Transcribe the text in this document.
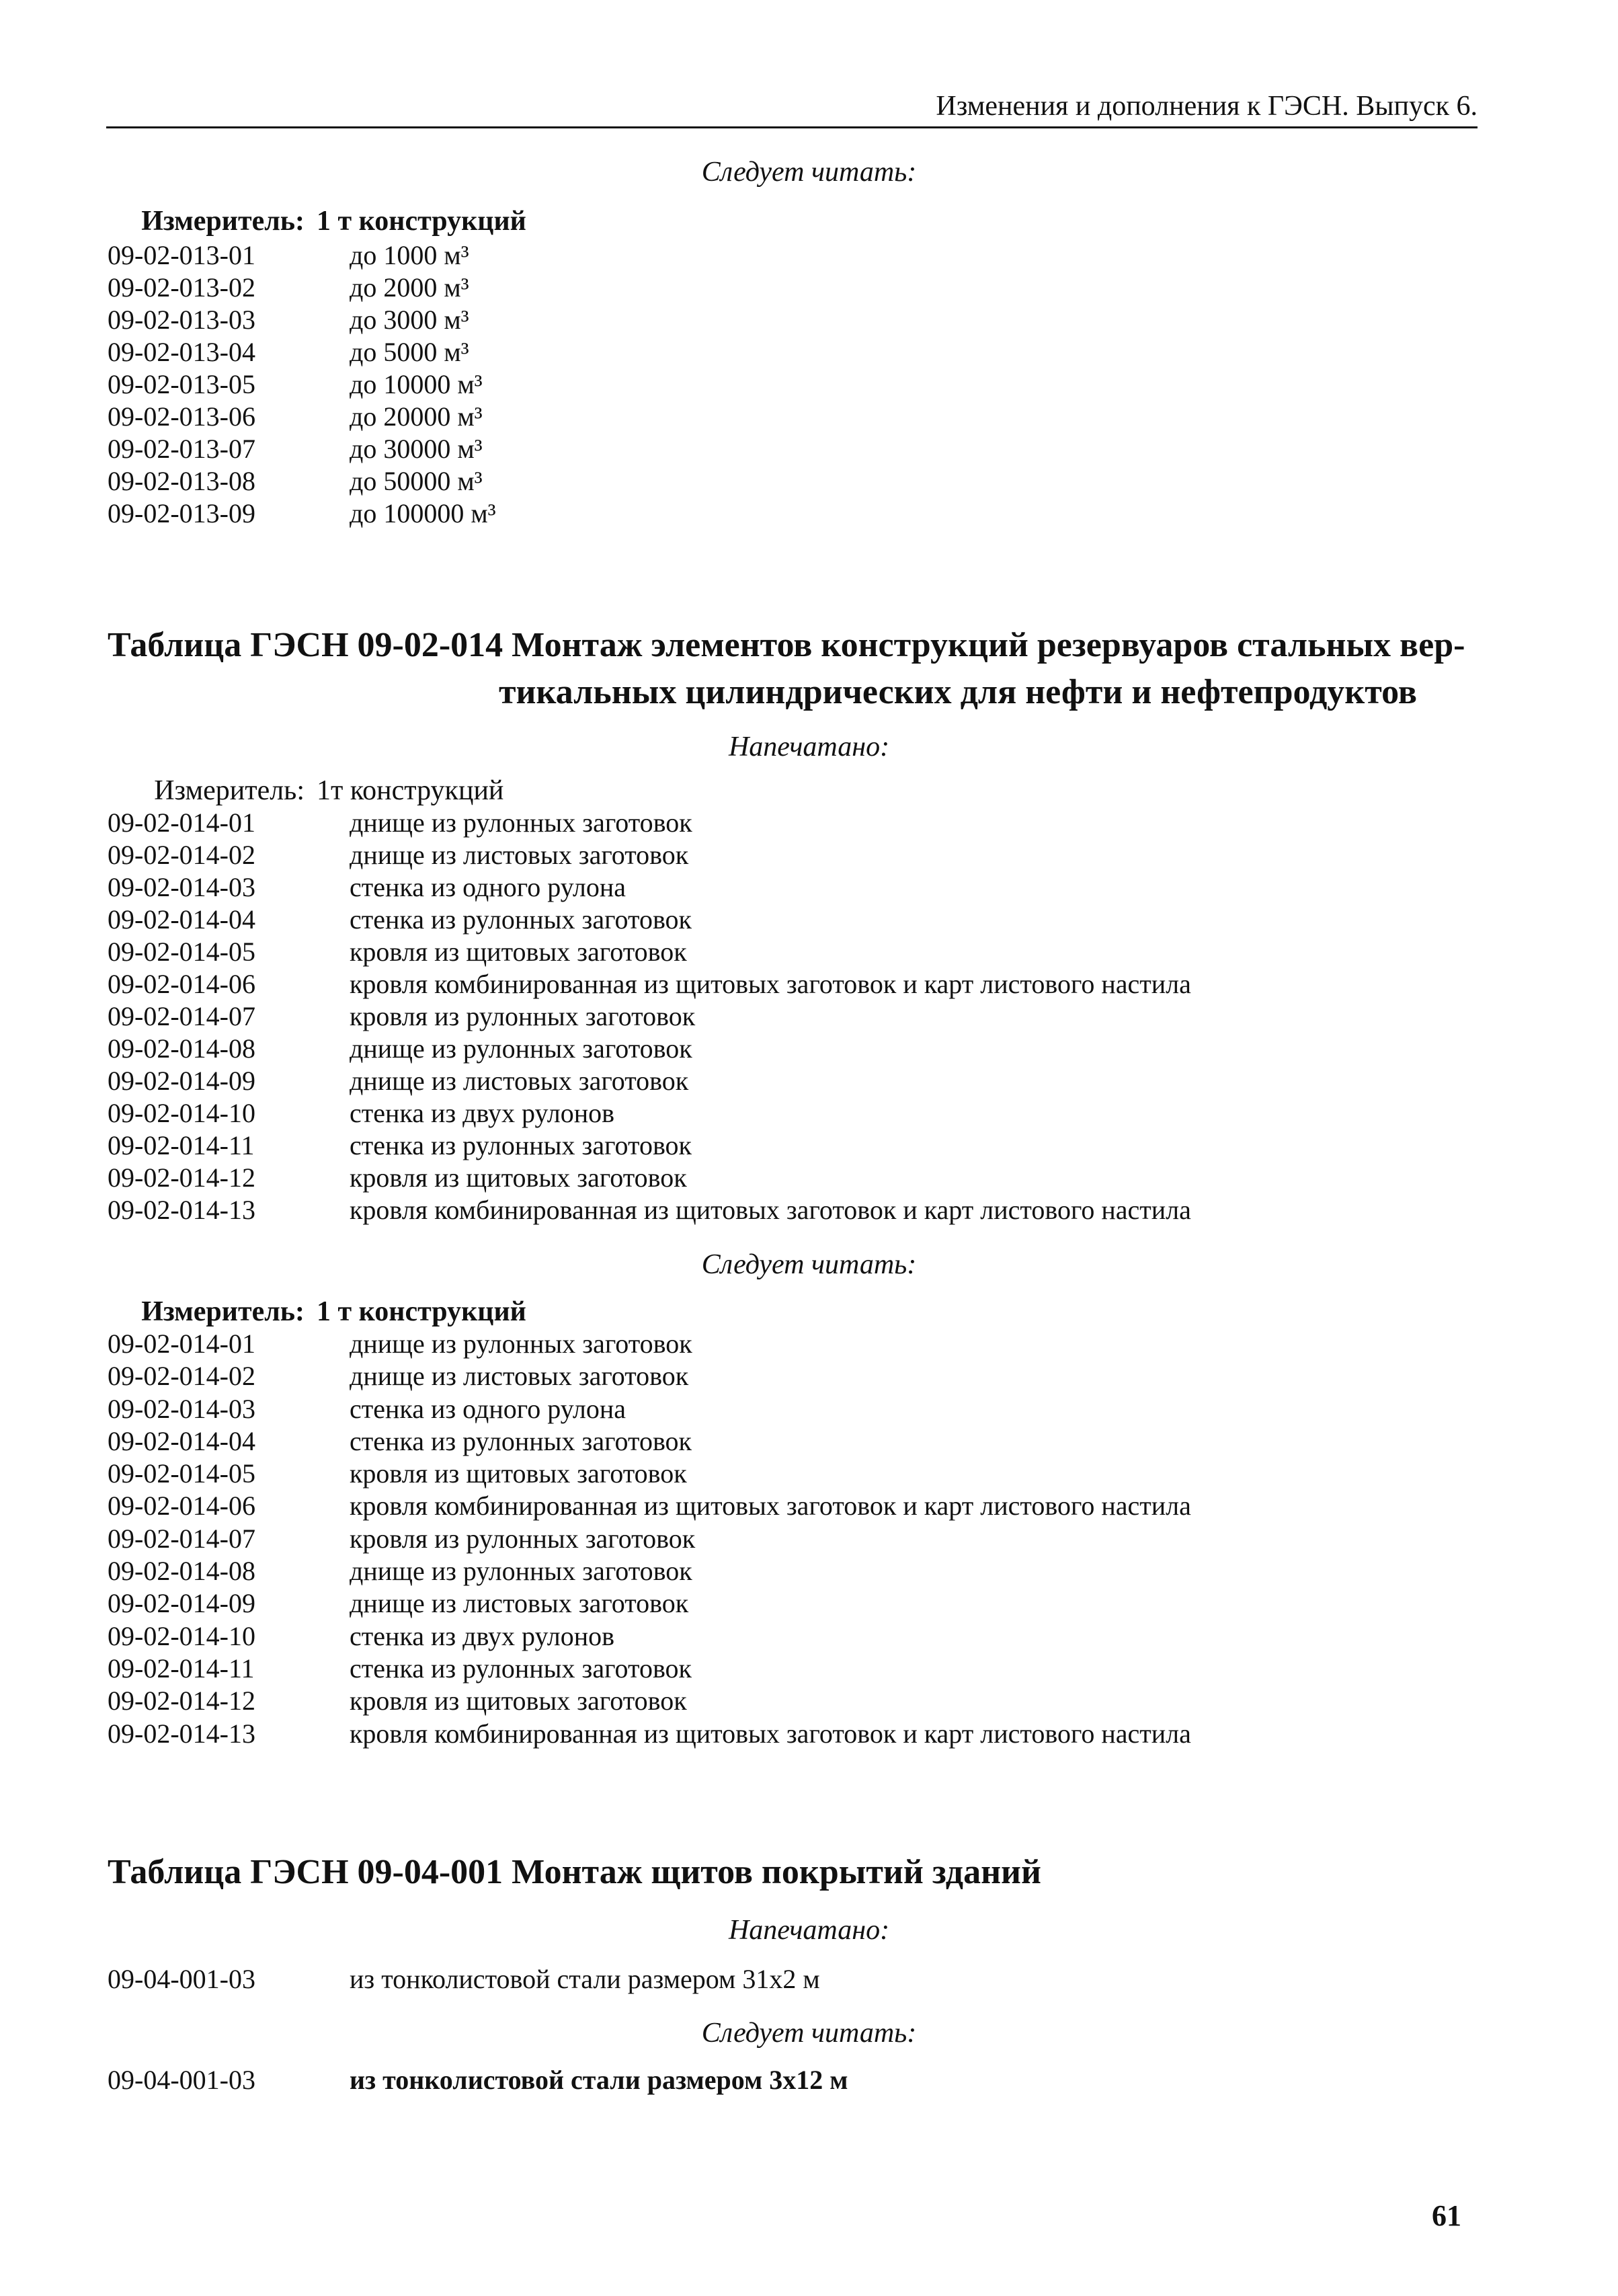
Изменения и дополнения к ГЭСН. Выпуск 6.
Следует читать:
Измеритель: 1 т конструкций
09-02-013-01	до 1000 м³
09-02-013-02	до 2000 м³
09-02-013-03	до 3000 м³
09-02-013-04	до 5000 м³
09-02-013-05	до 10000 м³
09-02-013-06	до 20000 м³
09-02-013-07	до 30000 м³
09-02-013-08	до 50000 м³
09-02-013-09	до 100000 м³
Таблица ГЭСН 09-02-014 Монтаж элементов конструкций резервуаров стальных вер-
тикальных цилиндрических для нефти и нефтепродуктов
Напечатано:
Измеритель: 1т конструкций
09-02-014-01	днище из рулонных заготовок
09-02-014-02	днище из листовых заготовок
09-02-014-03	стенка из одного рулона
09-02-014-04	стенка из рулонных заготовок
09-02-014-05	кровля из щитовых заготовок
09-02-014-06	кровля комбинированная из щитовых заготовок и карт листового настила
09-02-014-07	кровля из рулонных заготовок
09-02-014-08	днище из рулонных заготовок
09-02-014-09	днище из листовых заготовок
09-02-014-10	стенка из двух рулонов
09-02-014-11	стенка из рулонных заготовок
09-02-014-12	кровля из щитовых заготовок
09-02-014-13	кровля комбинированная из щитовых заготовок и карт листового настила
Следует читать:
Измеритель: 1 т конструкций
09-02-014-01	днище из рулонных заготовок
09-02-014-02	днище из листовых заготовок
09-02-014-03	стенка из одного рулона
09-02-014-04	стенка из рулонных заготовок
09-02-014-05	кровля из щитовых заготовок
09-02-014-06	кровля комбинированная из щитовых заготовок и карт листового настила
09-02-014-07	кровля из рулонных заготовок
09-02-014-08	днище из рулонных заготовок
09-02-014-09	днище из листовых заготовок
09-02-014-10	стенка из двух рулонов
09-02-014-11	стенка из рулонных заготовок
09-02-014-12	кровля из щитовых заготовок
09-02-014-13	кровля комбинированная из щитовых заготовок и карт листового настила
Таблица ГЭСН 09-04-001 Монтаж щитов покрытий зданий
Напечатано:
09-04-001-03	из тонколистовой стали размером 31х2 м
Следует читать:
09-04-001-03	из тонколистовой стали размером 3х12 м
61
